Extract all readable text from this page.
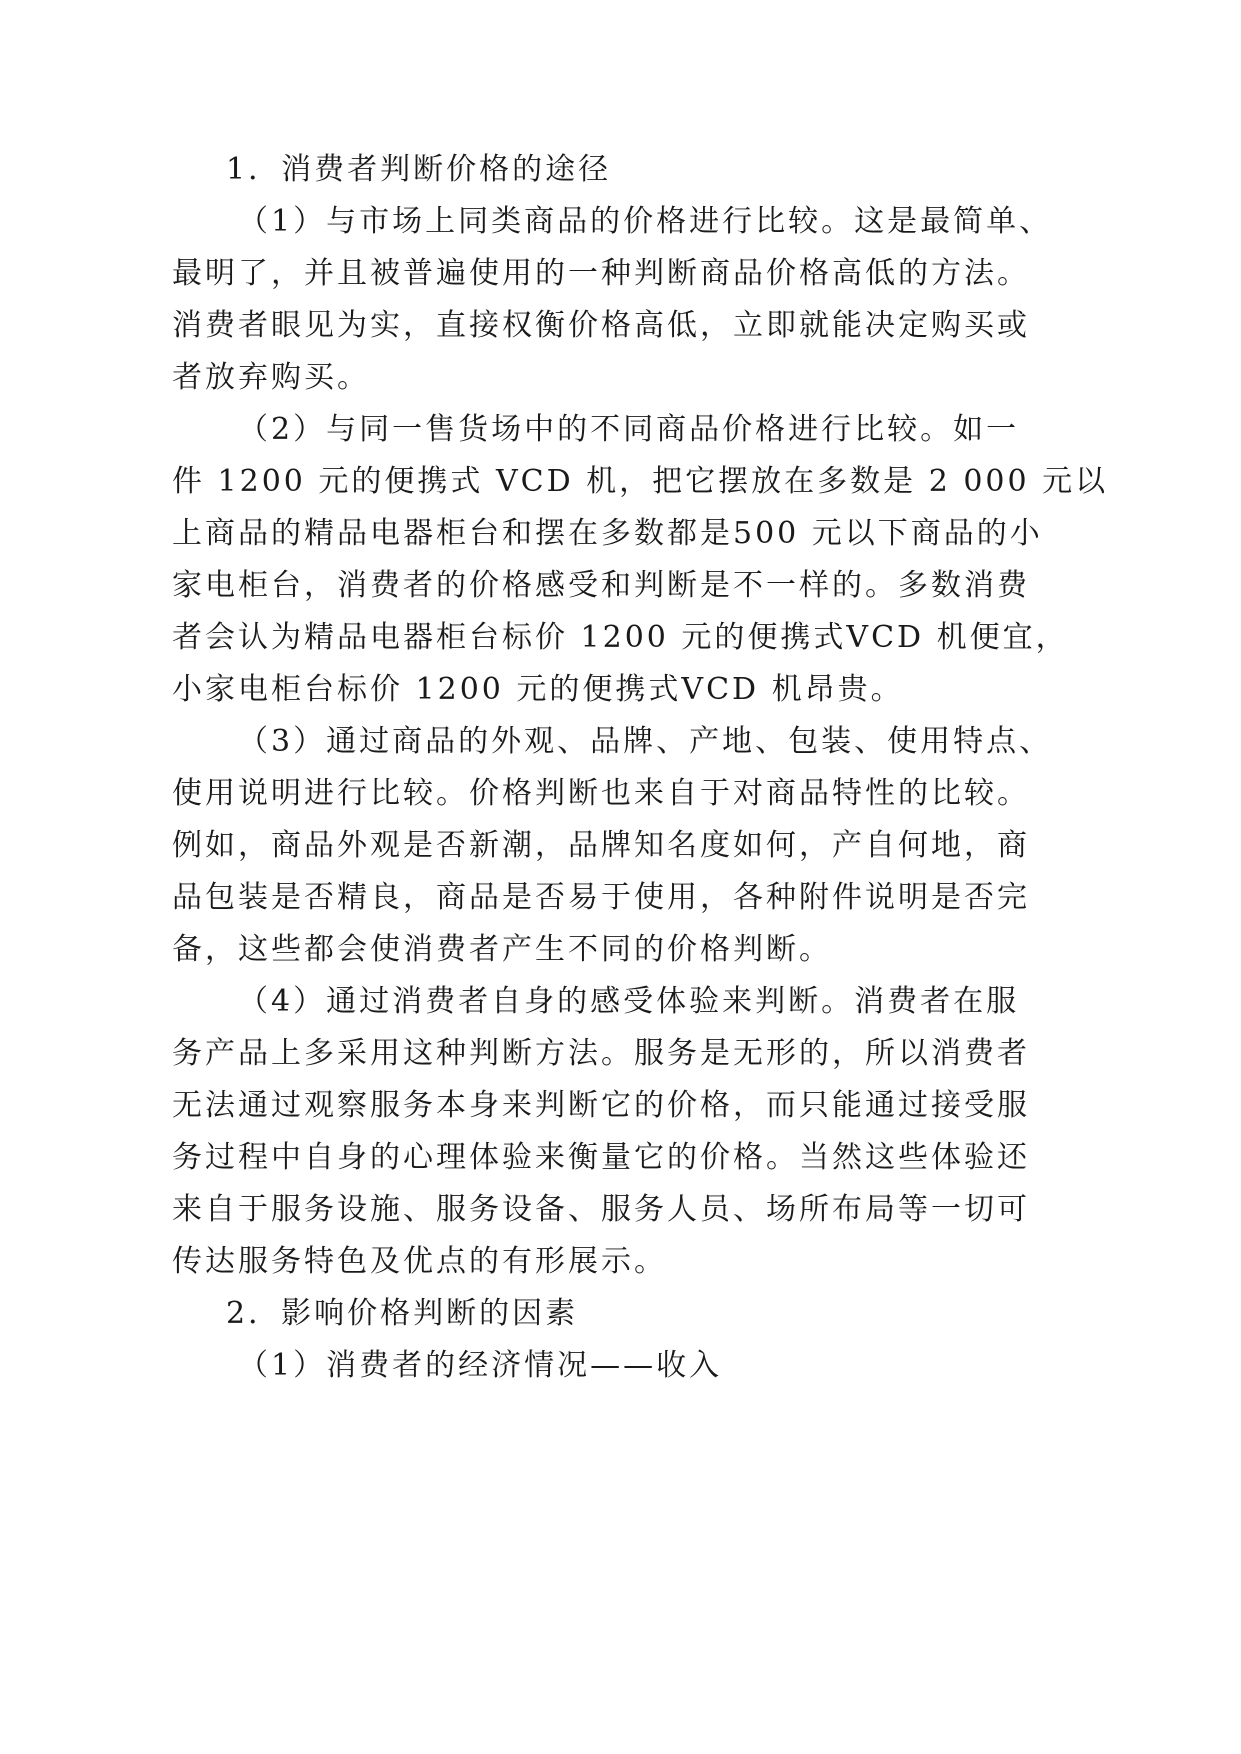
1．消费者判断价格的途径
（1）与市场上同类商品的价格进行比较。这是最简单、
最明了，并且被普遍使用的一种判断商品价格高低的方法。
消费者眼见为实，直接权衡价格高低，立即就能决定购买或
者放弃购买。
（2）与同一售货场中的不同商品价格进行比较。如一
件 1200 元的便携式 VCD 机，把它摆放在多数是 2 000 元以
上商品的精品电器柜台和摆在多数都是500 元以下商品的小
家电柜台，消费者的价格感受和判断是不一样的。多数消费
者会认为精品电器柜台标价 1200 元的便携式VCD 机便宜，
小家电柜台标价 1200 元的便携式VCD 机昂贵。
（3）通过商品的外观、品牌、产地、包装、使用特点、
使用说明进行比较。价格判断也来自于对商品特性的比较。
例如，商品外观是否新潮，品牌知名度如何，产自何地，商
品包装是否精良，商品是否易于使用，各种附件说明是否完
备，这些都会使消费者产生不同的价格判断。
（4）通过消费者自身的感受体验来判断。消费者在服
务产品上多采用这种判断方法。服务是无形的，所以消费者
无法通过观察服务本身来判断它的价格，而只能通过接受服
务过程中自身的心理体验来衡量它的价格。当然这些体验还
来自于服务设施、服务设备、服务人员、场所布局等一切可
传达服务特色及优点的有形展示。
2．影响价格判断的因素
（1）消费者的经济情况——收入
